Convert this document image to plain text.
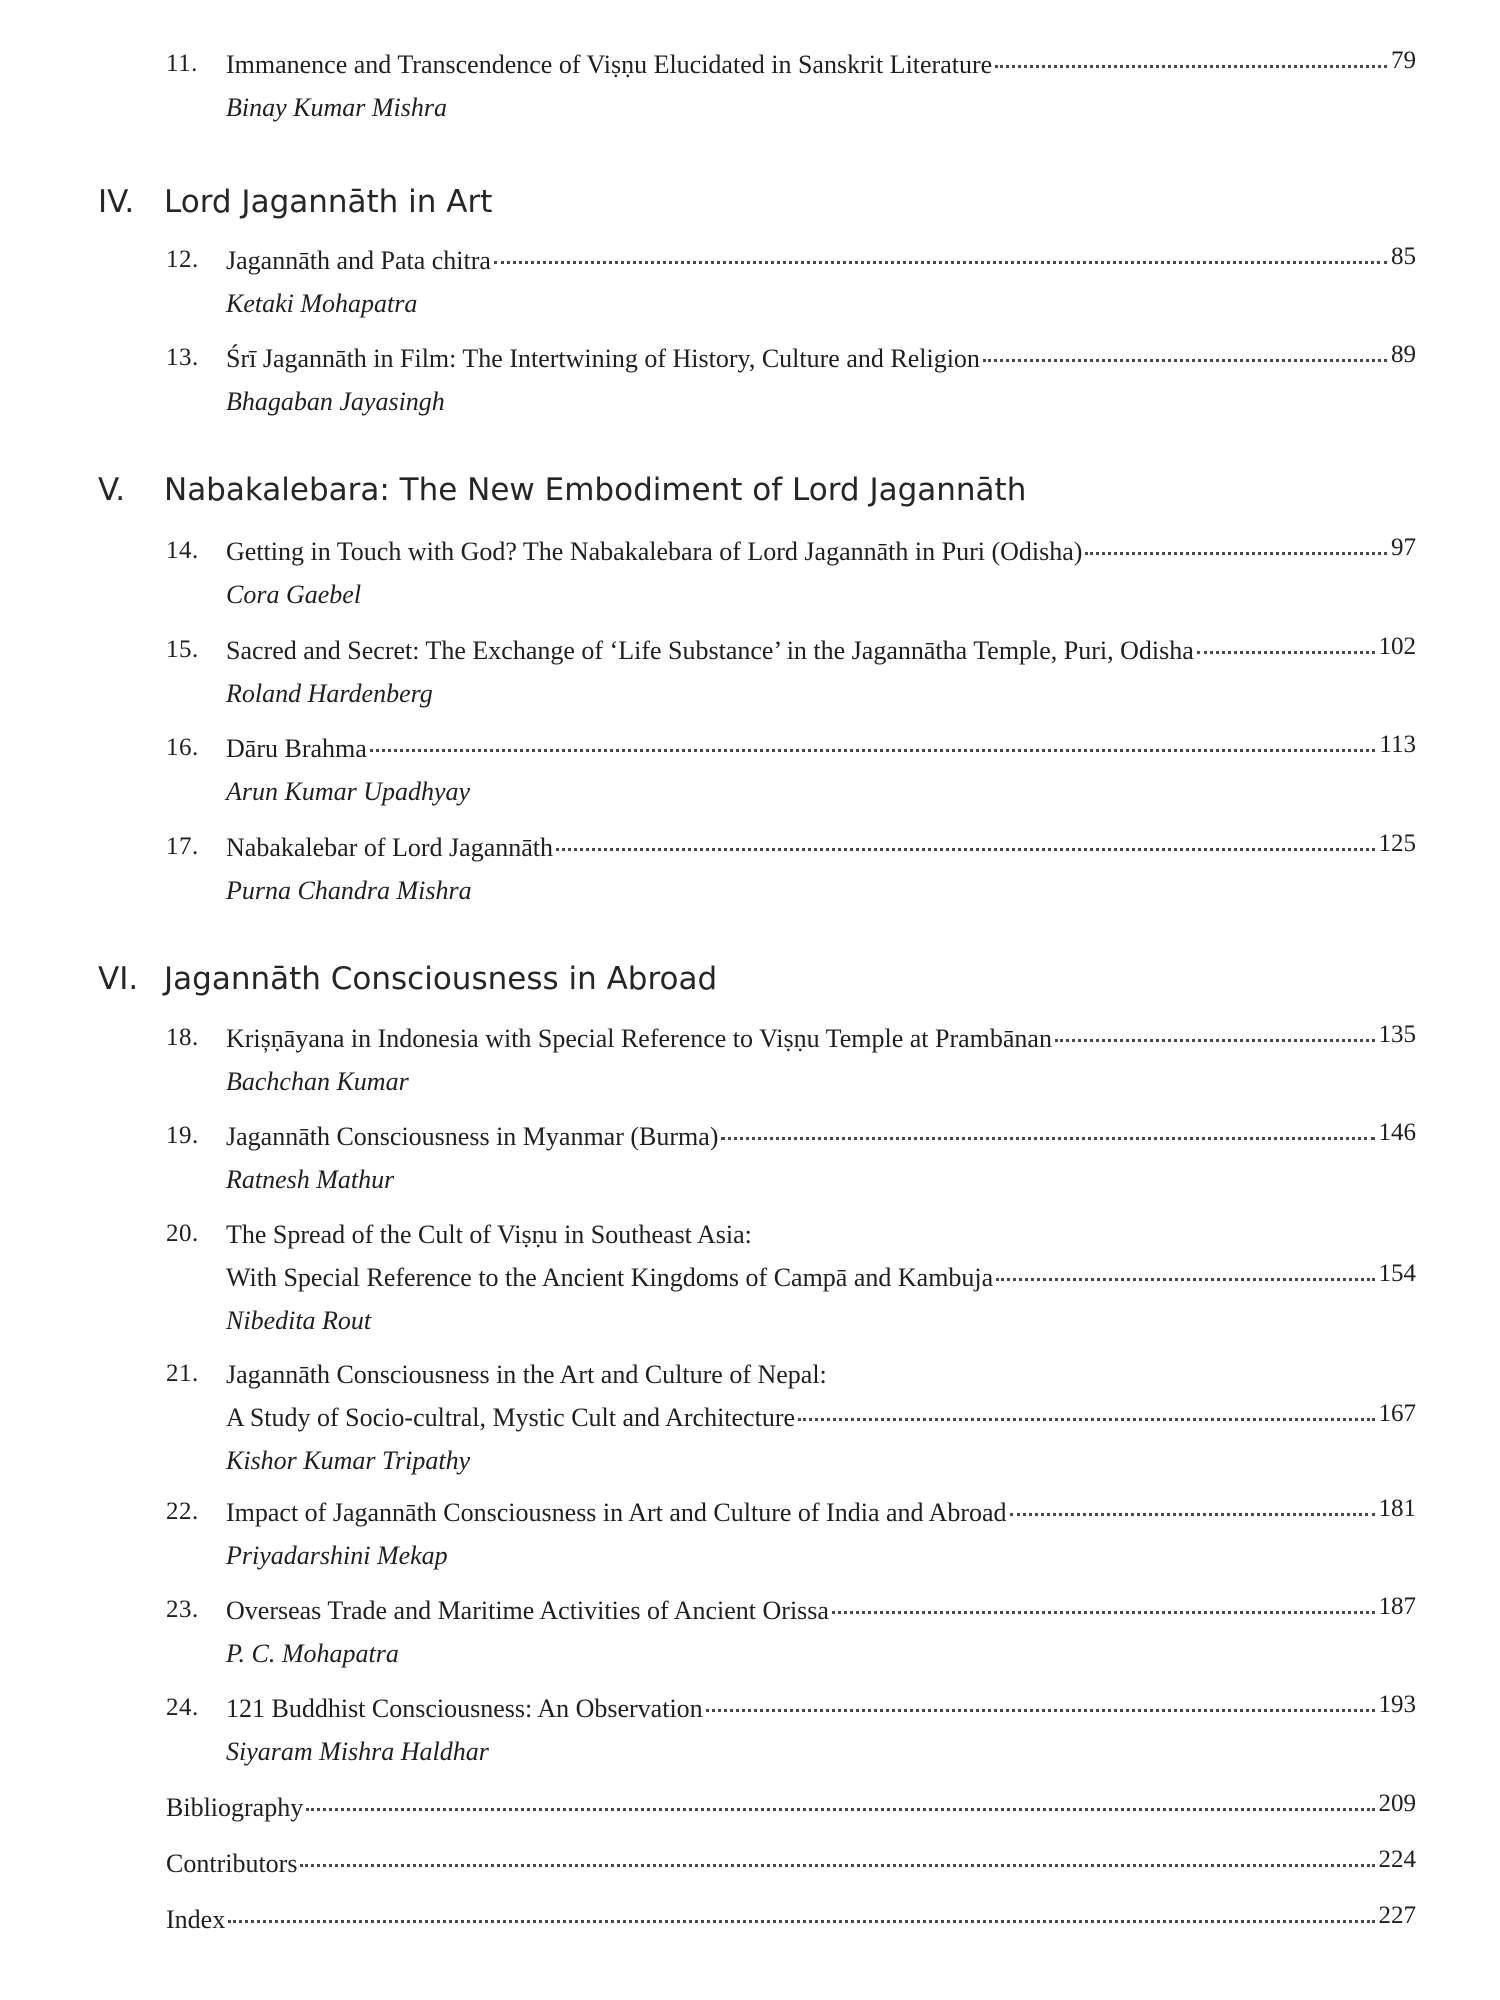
11. Immanence and Transcendence of Viṣṇu Elucidated in Sanskrit Literature	79
Binay Kumar Mishra
IV. Lord Jagannāth in Art
12. Jagannāth and Pata chitra	85
Ketaki Mohapatra
13. Śrī Jagannāth in Film: The Intertwining of History, Culture and Religion	89
Bhagaban Jayasingh
V. Nabakalebara: The New Embodiment of Lord Jagannāth
14. Getting in Touch with God? The Nabakalebara of Lord Jagannāth in Puri (Odisha)	97
Cora Gaebel
15. Sacred and Secret: The Exchange of ‘Life Substance’ in the Jagannātha Temple, Puri, Odisha	102
Roland Hardenberg
16. Dāru Brahma	113
Arun Kumar Upadhyay
17. Nabakalebar of Lord Jagannāth	125
Purna Chandra Mishra
VI. Jagannāth Consciousness in Abroad
18. Krișṇāyana in Indonesia with Special Reference to Viṣṇu Temple at Prambānan	135
Bachchan Kumar
19. Jagannāth Consciousness in Myanmar (Burma)	146
Ratnesh Mathur
20. The Spread of the Cult of Viṣṇu in Southeast Asia:
With Special Reference to the Ancient Kingdoms of Campā and Kambuja	154
Nibedita Rout
21. Jagannāth Consciousness in the Art and Culture of Nepal:
A Study of Socio-cultral, Mystic Cult and Architecture	167
Kishor Kumar Tripathy
22. Impact of Jagannāth Consciousness in Art and Culture of India and Abroad	181
Priyadarshini Mekap
23. Overseas Trade and Maritime Activities of Ancient Orissa	187
P. C. Mohapatra
24. 121 Buddhist Consciousness: An Observation	193
Siyaram Mishra Haldhar
Bibliography	209
Contributors	224
Index	227
